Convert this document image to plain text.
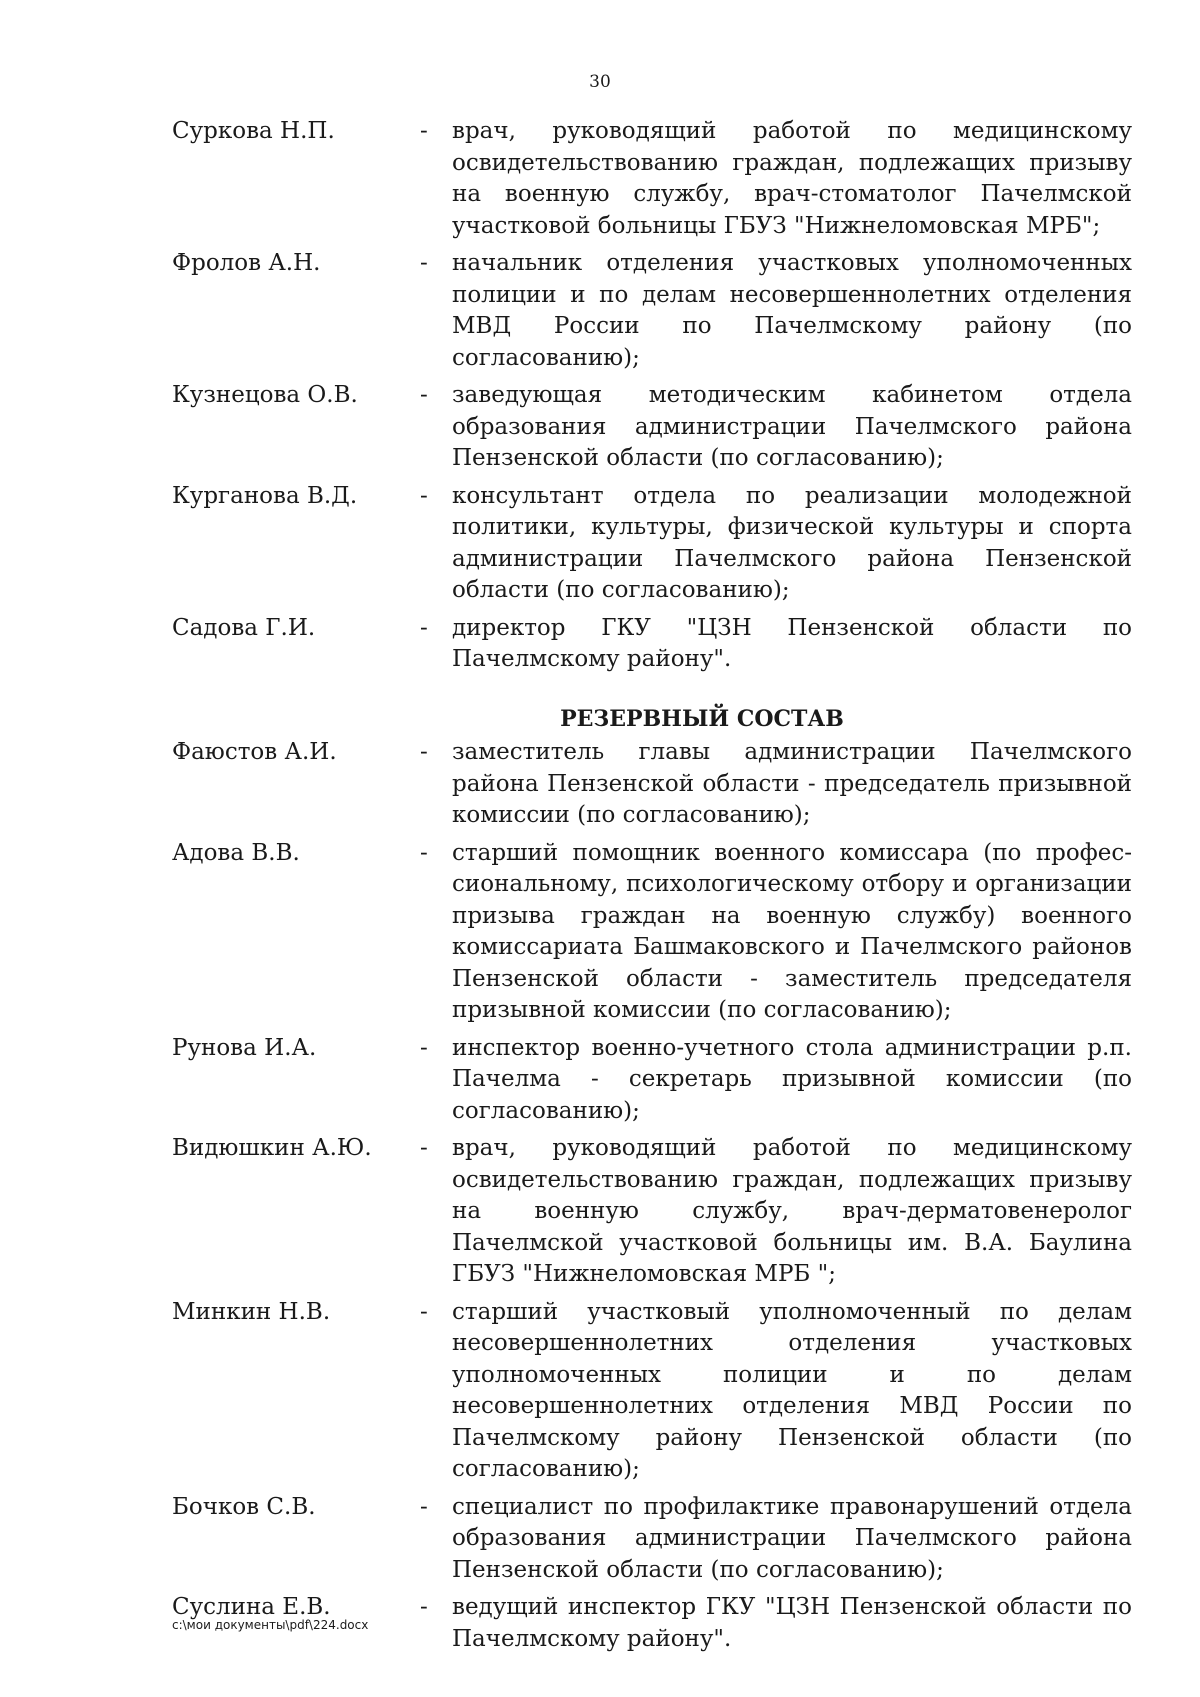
30
Суркова Н.П.	-	врач, руководящий работой по медицинскому освидетельствованию граждан, подлежащих призыву на военную службу, врач-стоматолог Пачелмской участковой больницы ГБУЗ "Нижнеломовская МРБ";
Фролов А.Н.	-	начальник отделения участковых уполномоченных полиции и по делам несовершеннолетних отделения МВД России по Пачелмскому району (по согласованию);
Кузнецова О.В.	-	заведующая методическим кабинетом отдела образования администрации Пачелмского района Пензенской области (по согласованию);
Курганова В.Д.	-	консультант отдела по реализации молодежной политики, культуры, физической культуры и спорта администрации Пачелмского района Пензенской области (по согласованию);
Садова Г.И.	-	директор ГКУ "ЦЗН Пензенской области по Пачелмскому району".
РЕЗЕРВНЫЙ СОСТАВ
Фаюстов А.И.	-	заместитель главы администрации Пачелмского района Пензенской области - председатель призывной комиссии (по согласованию);
Адова В.В.	-	старший помощник военного комиссара (по профессиональному, психологическому отбору и организации призыва граждан на военную службу) военного комиссариата Башмаковского и Пачелмского районов Пензенской области - заместитель председателя призывной комиссии (по согласованию);
Рунова И.А.	-	инспектор военно-учетного стола администрации р.п. Пачелма - секретарь призывной комиссии (по согласованию);
Видюшкин А.Ю.	-	врач, руководящий работой по медицинскому освидетельствованию граждан, подлежащих призыву на военную службу, врач-дерматовенеролог Пачелмской участковой больницы им. В.А. Баулина ГБУЗ "Нижнеломовская МРБ ";
Минкин Н.В.	-	старший участковый уполномоченный по делам несовершеннолетних отделения участковых уполномоченных полиции и по делам несовершеннолетних отделения МВД России по Пачелмскому району Пензенской области (по согласованию);
Бочков С.В.	-	специалист по профилактике правонарушений отдела образования администрации Пачелмского района Пензенской области (по согласованию);
Суслина Е.В.	-	ведущий инспектор ГКУ "ЦЗН Пензенской области по Пачелмскому району".
c:\мои документы\pdf\224.docx
